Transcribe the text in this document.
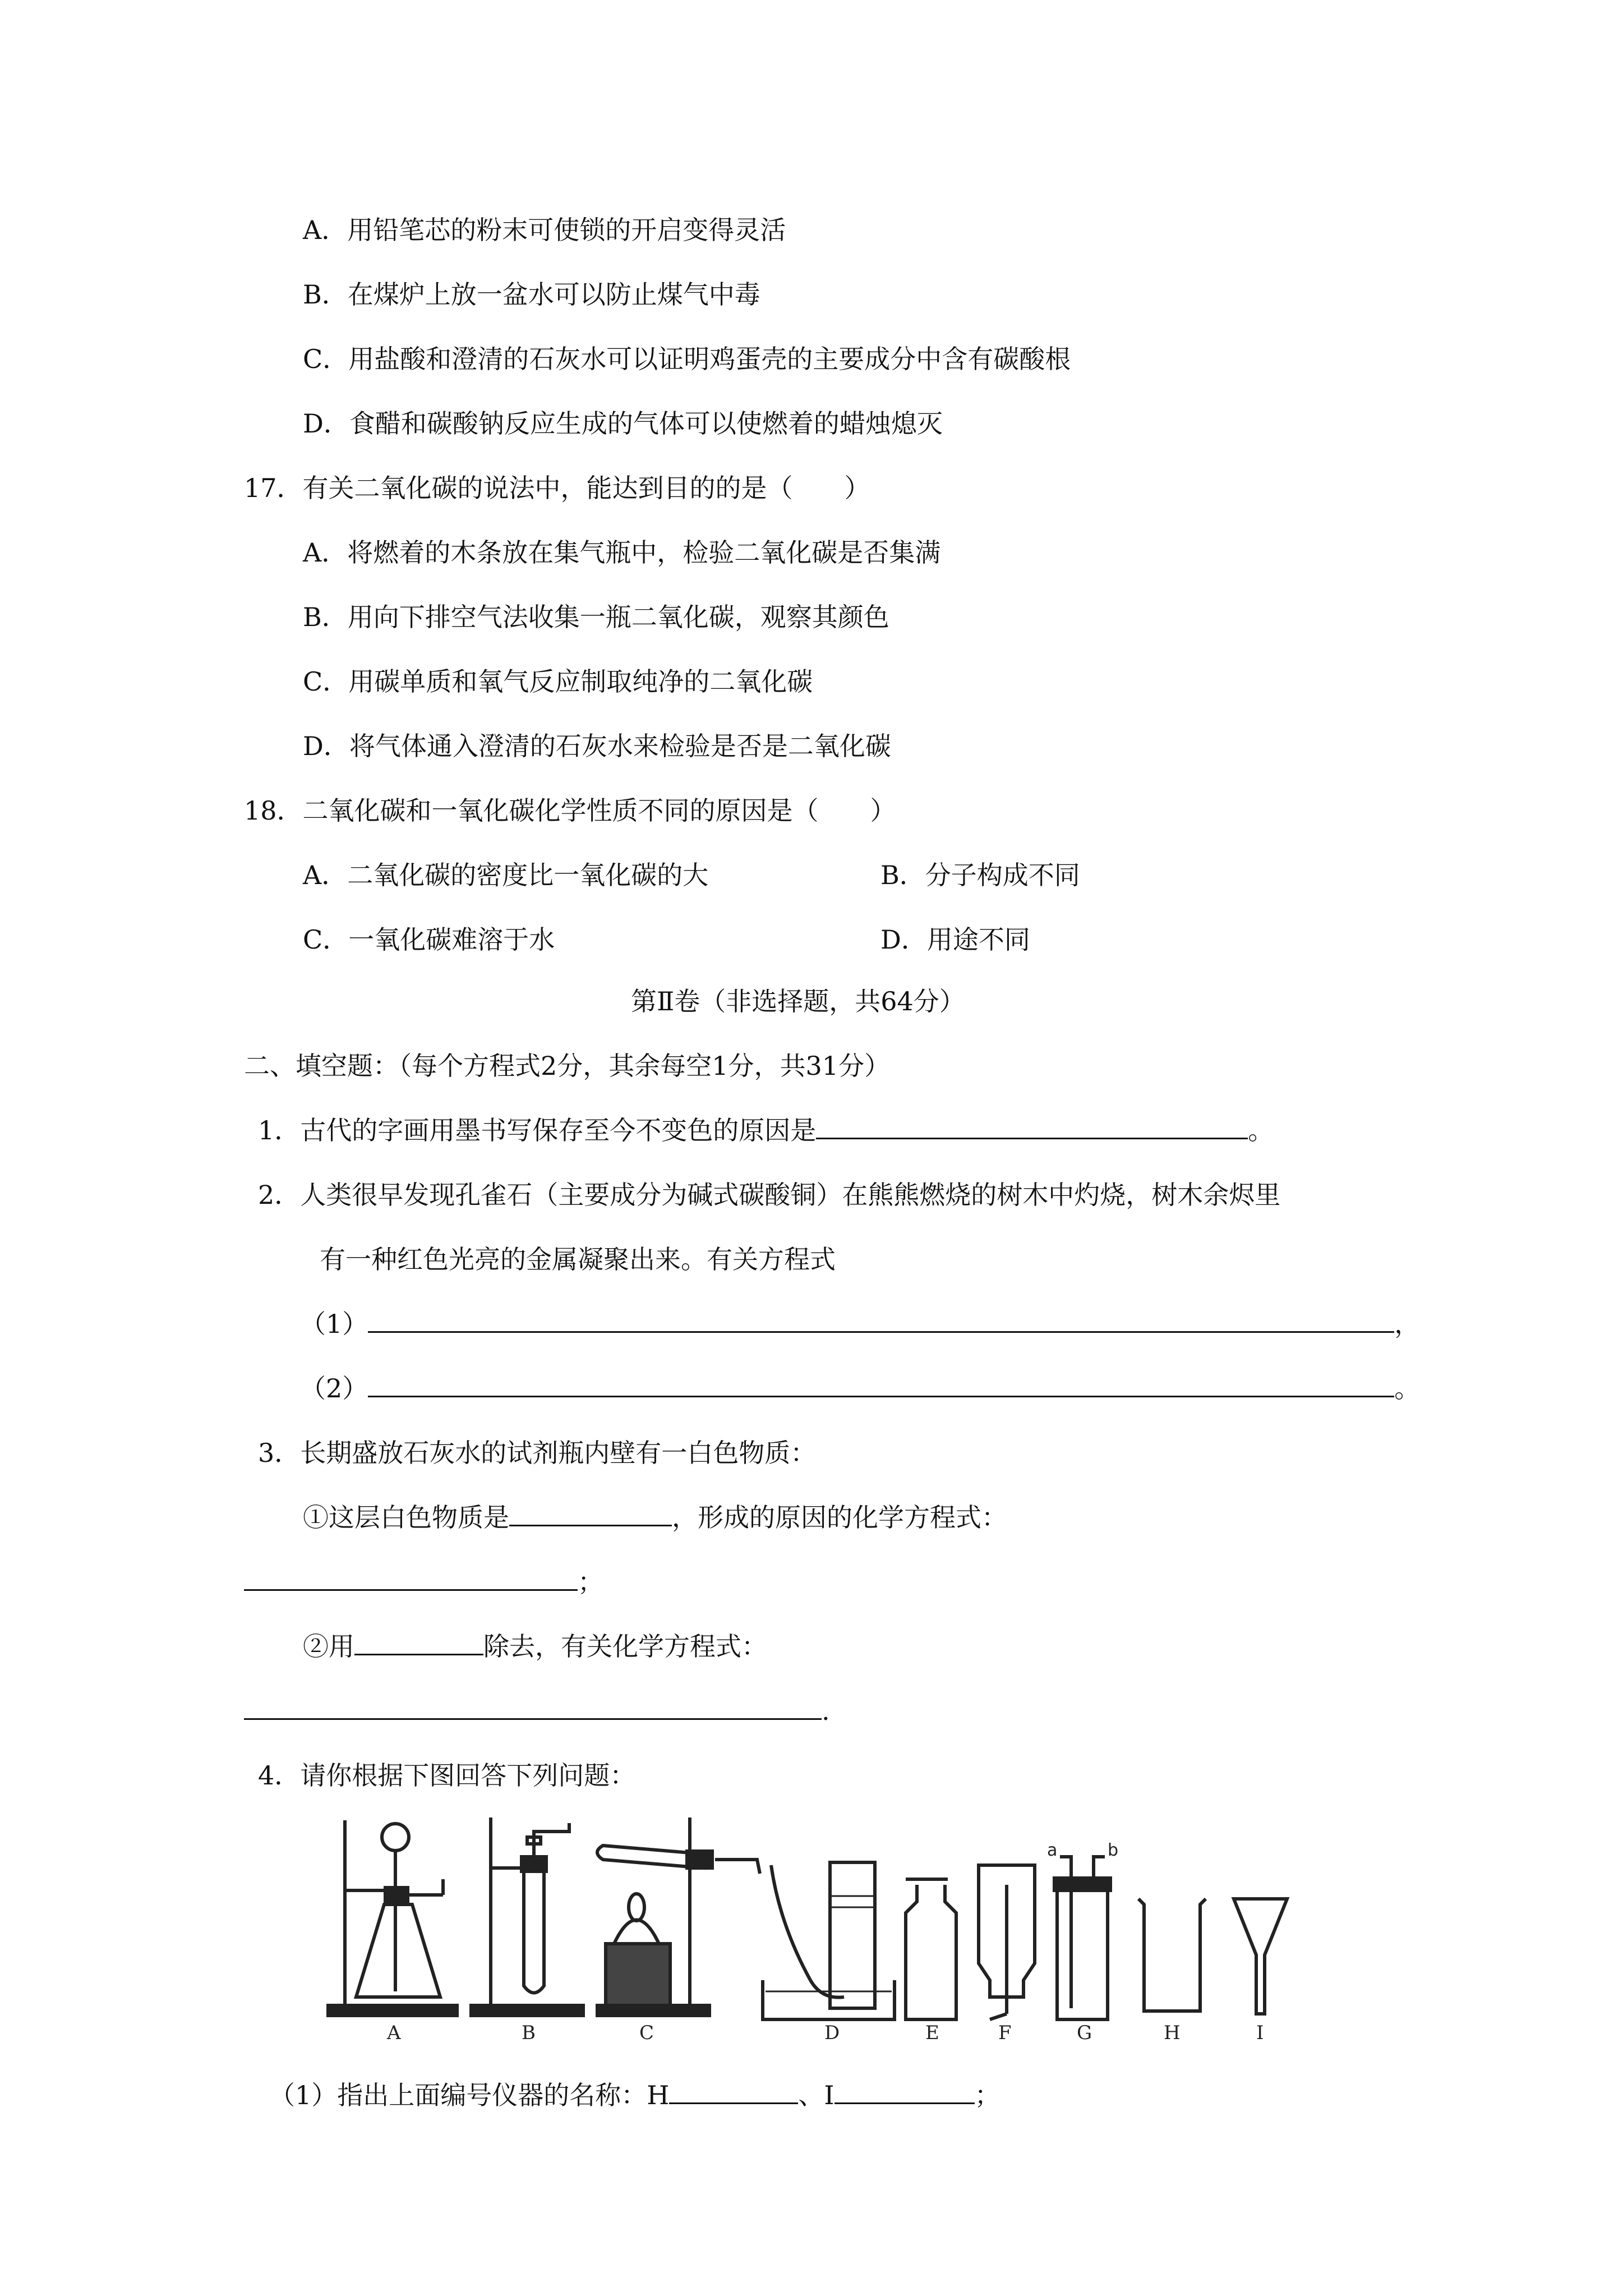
A．用铅笔芯的粉末可使锁的开启变得灵活
B．在煤炉上放一盆水可以防止煤气中毒
C．用盐酸和澄清的石灰水可以证明鸡蛋壳的主要成分中含有碳酸根
D．食醋和碳酸钠反应生成的气体可以使燃着的蜡烛熄灭
17．有关二氧化碳的说法中，能达到目的的是（　　）
A．将燃着的木条放在集气瓶中，检验二氧化碳是否集满
B．用向下排空气法收集一瓶二氧化碳，观察其颜色
C．用碳单质和氧气反应制取纯净的二氧化碳
D．将气体通入澄清的石灰水来检验是否是二氧化碳
18．二氧化碳和一氧化碳化学性质不同的原因是（　　）
A．二氧化碳的密度比一氧化碳的大	B．分子构成不同
C．一氧化碳难溶于水	D．用途不同
第Ⅱ卷（非选择题，共64分）
二、填空题：（每个方程式2分，其余每空1分，共31分）
1．古代的字画用墨书写保存至今不变色的原因是	。
2．人类很早发现孔雀石（主要成分为碱式碳酸铜）在熊熊燃烧的树木中灼烧，树木余烬里
有一种红色光亮的金属凝聚出来。有关方程式
（1）	，
（2）	。
3．长期盛放石灰水的试剂瓶内壁有一白色物质：
①这层白色物质是	，形成的原因的化学方程式：
；
②用	除去，有关化学方程式：
.
4．请你根据下图回答下列问题：
a	b
A	B	C	D	E	F	G	H	I
（1）指出上面编号仪器的名称：H	、I	；
